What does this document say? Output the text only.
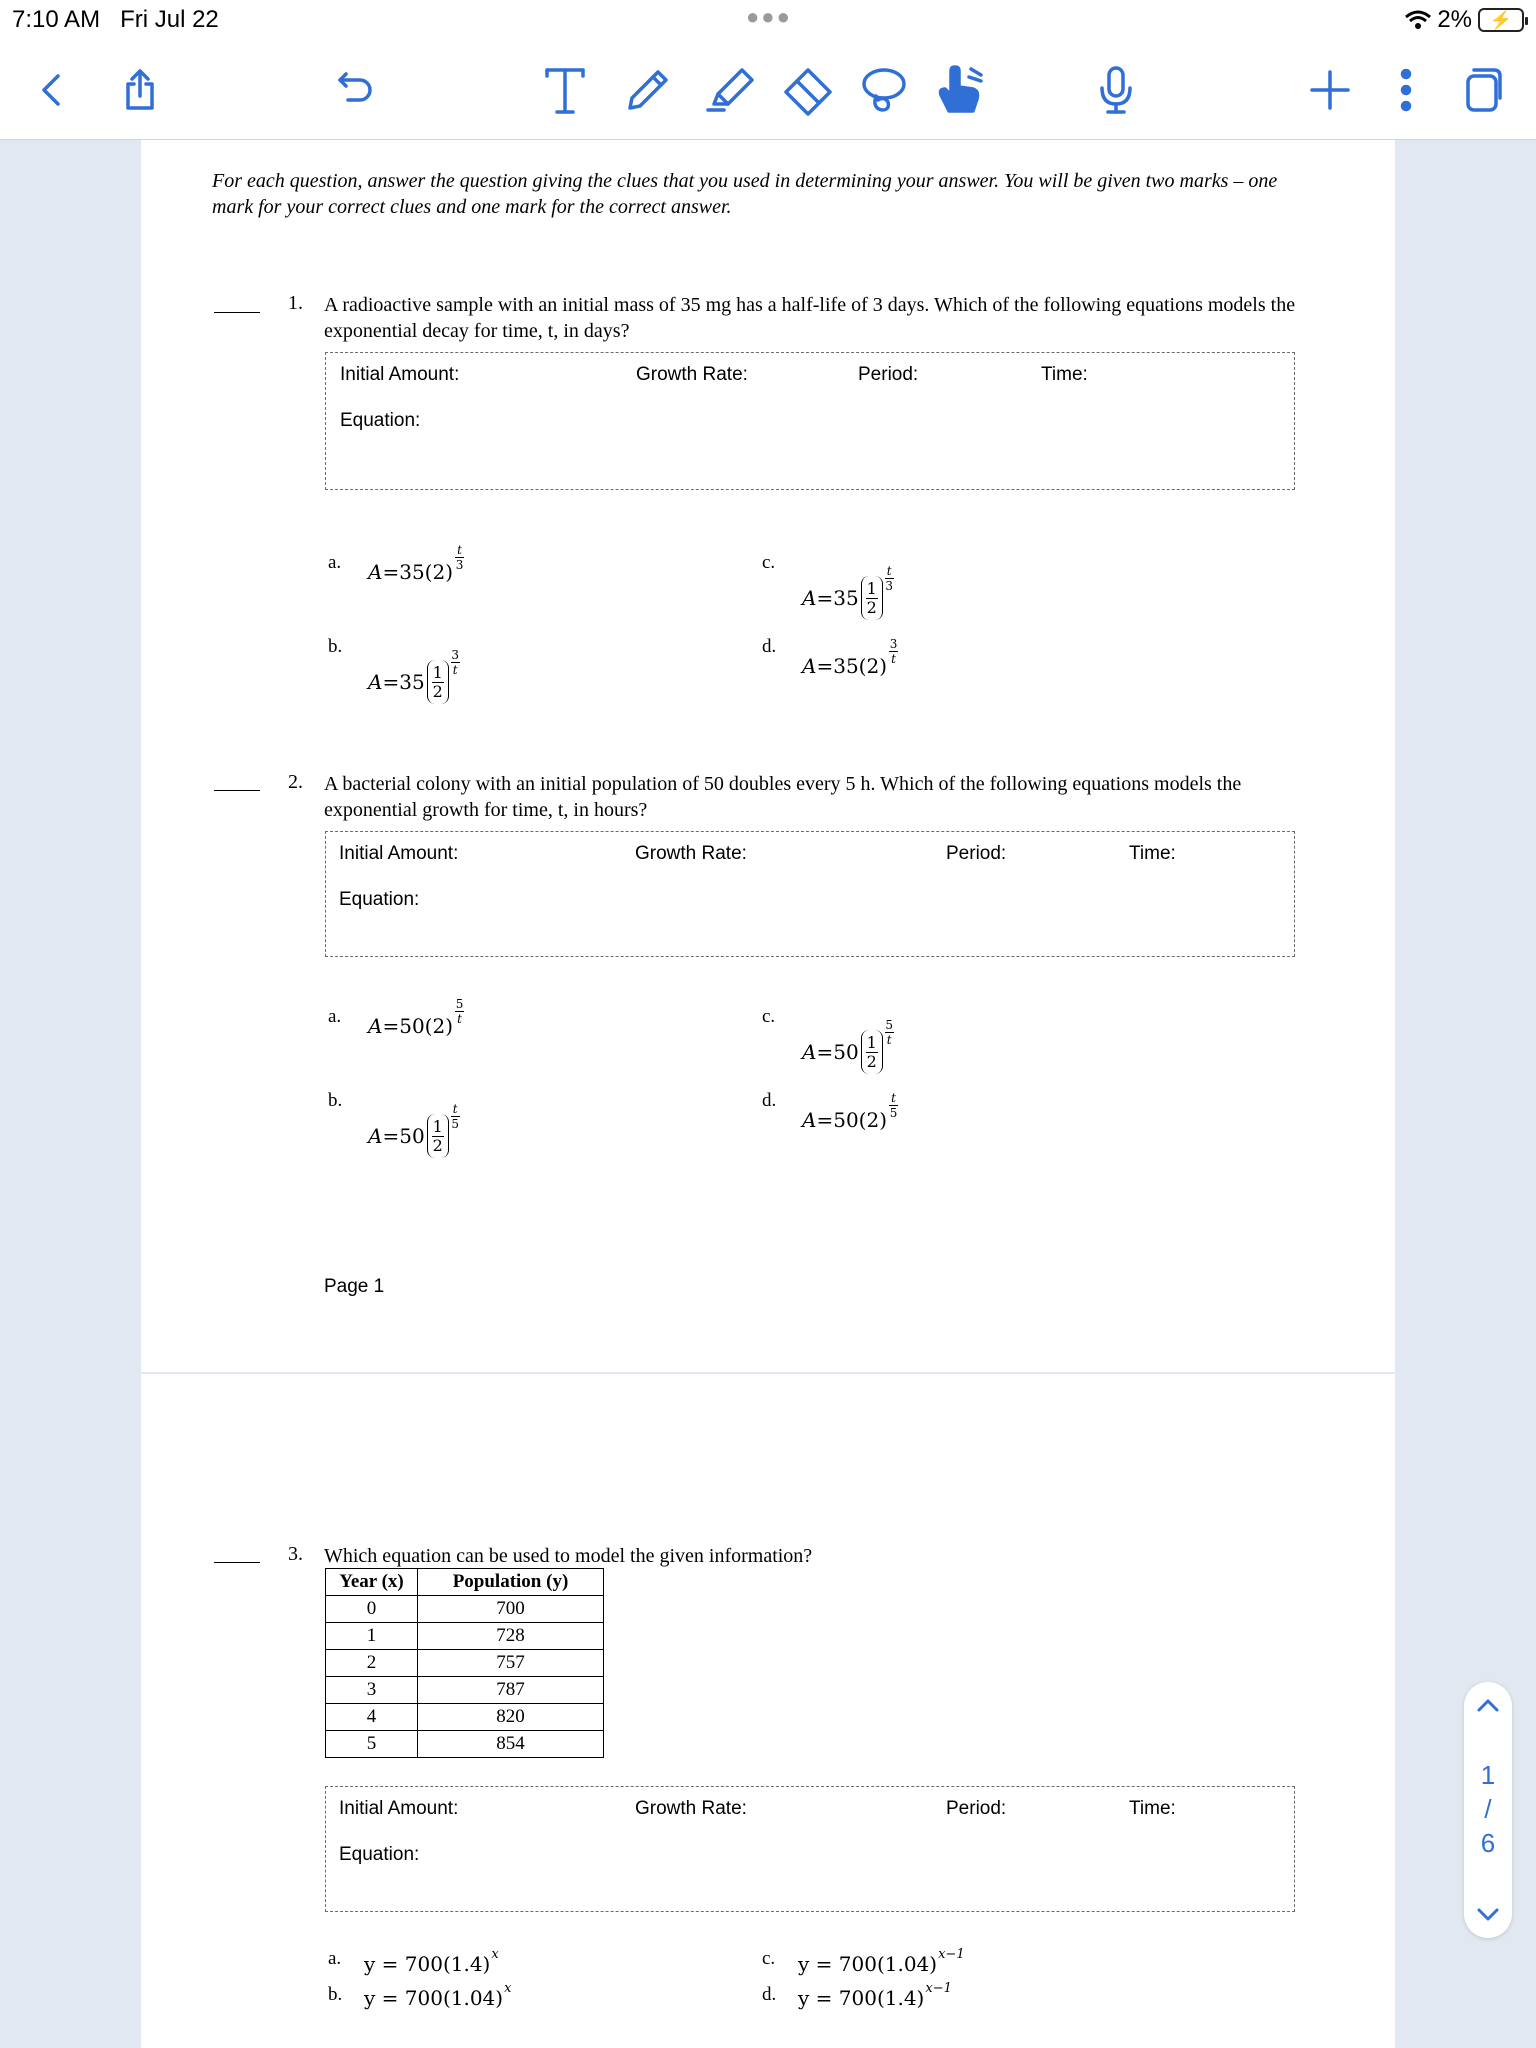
7:10 AM Fri Jul 22	●●●	2% ⚡
For each question, answer the question giving the clues that you used in determining your answer. You will be given two marks – one mark for your correct clues and one mark for the correct answer.
1. A radioactive sample with an initial mass of 35 mg has a half-life of 3 days. Which of the following equations models the exponential decay for time, t, in days?
Initial Amount:	Growth Rate:	Period:	Time:
Equation:
a. A = 35 (2)
t
3	c.
$A = 35 \frac{1}{2}$
t
3
b.
$A = 35 \frac{1}{2}$
3
t
d.
A = 35 (2)
3
t
2. A bacterial colony with an initial population of 50 doubles every 5 h. Which of the following equations models the exponential growth for time, t, in hours?
Initial Amount:	Growth Rate:	Period:	Time:
Equation:
a. A = 50 (2)
5
t	c.
$A = 50 \frac{1}{2}$
5
t
b.
$A = 50 \frac{1}{2}$
t
5
d.
A = 50 (2)
t
5
Page 1
3. Which equation can be used to model the given information?
Year (x)	Population (y)
0	700
1	728
2	757
3	787
4	820
5	854
Initial Amount:	Growth Rate:	Period:	Time:
Equation:
a. y = 700(1.4) x
b. y = 700(1.04) x
c. y = 700(1.04) x−1
d. y = 700(1.4) x−1
1
/
6
